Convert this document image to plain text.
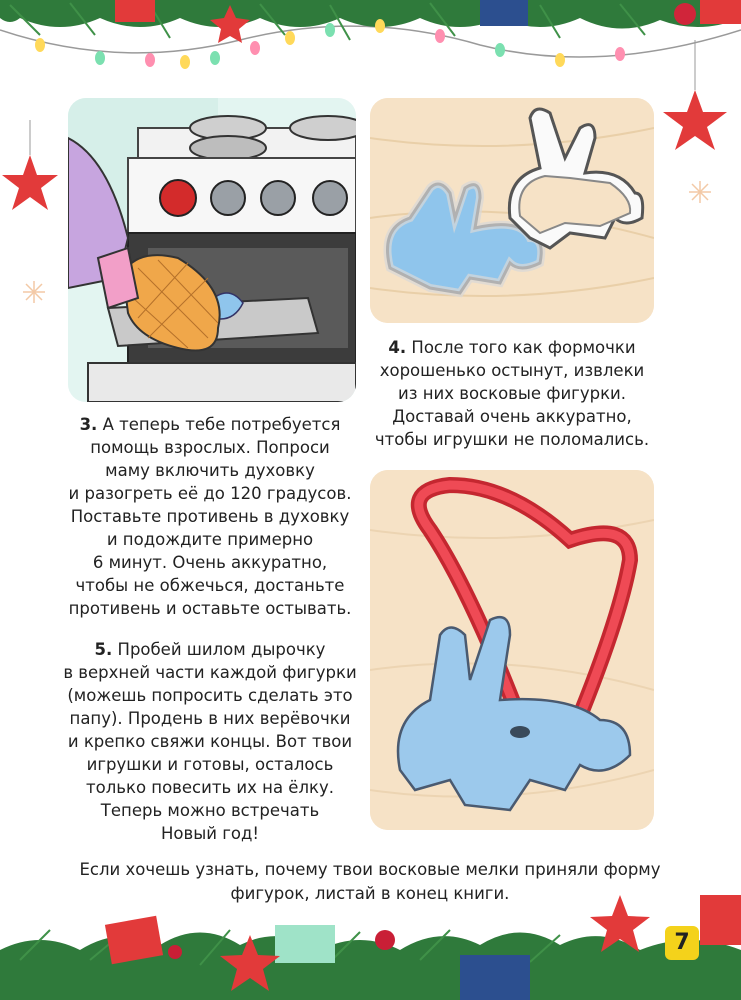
3. А теперь тебе потребуется
помощь взрослых. Попроси
маму включить духовку
и разогреть её до 120 градусов.
Поставьте противень в духовку
и подождите примерно
6 минут. Очень аккуратно,
чтобы не обжечься, достаньте
противень и оставьте остывать.
4. После того как формочки
хорошенько остынут, извлеки
из них восковые фигурки.
Доставай очень аккуратно,
чтобы игрушки не поломались.
5. Пробей шилом дырочку
в верхней части каждой фигурки
(можешь попросить сделать это
папу). Продень в них верёвочки
и крепко свяжи концы. Вот твои
игрушки и готовы, осталось
только повесить их на ёлку.
Теперь можно встречать
Новый год!
Если хочешь узнать, почему твои восковые мелки приняли форму
фигурок, листай в конец книги.
7
